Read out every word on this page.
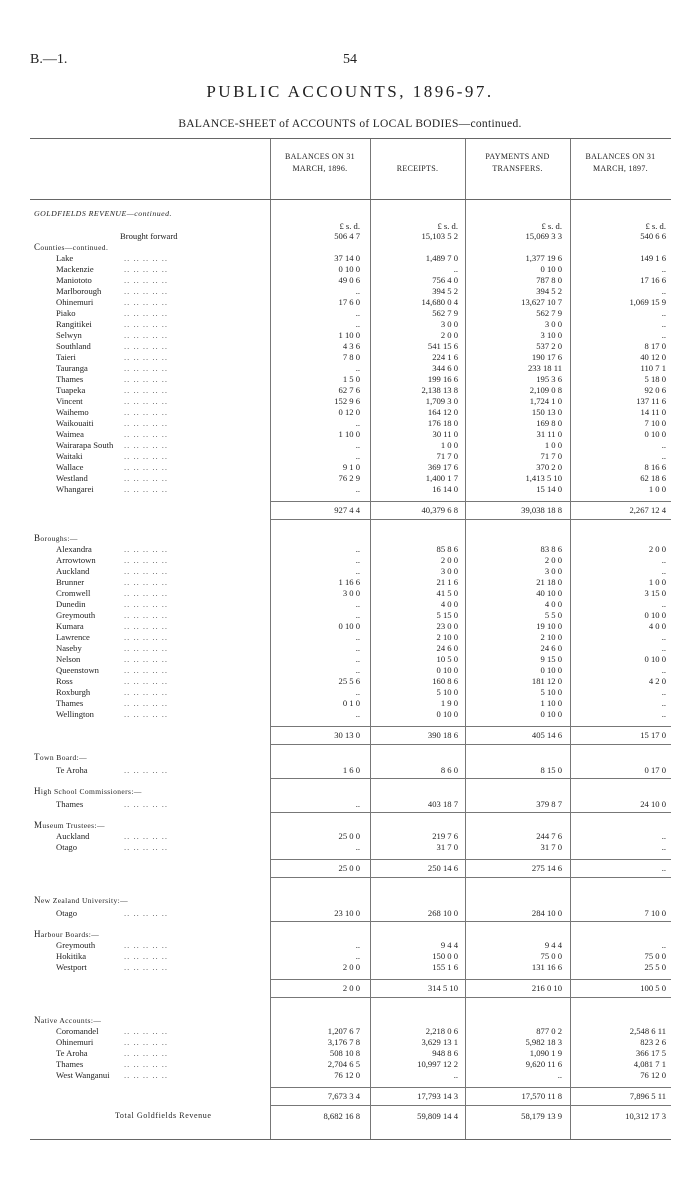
B.—1.	54
PUBLIC ACCOUNTS, 1896-97.
BALANCE-SHEET of ACCOUNTS of LOCAL BODIES—continued.
BALANCES ON 31 MARCH, 1896.	RECEIPTS.
PAYMENTS AND TRANSFERS.
BALANCES ON 31 MARCH, 1897.
GOLDFIELDS REVENUE—continued.
£ s. d.	£ s. d.	£ s. d.	£ s. d.
Brought forward	506 4 7	15,103 5 2	15,069 3 3	540 6 6
Counties—continued.
Lake	.. .. .. .. ..	37 14 0	1,489 7 0	1,377 19 6	149 1 6
Mackenzie	.. .. .. .. ..	0 10 0	..	0 10 0	..
Maniototo	.. .. .. .. ..	49 0 6	756 4 0	787 8 0	17 16 6
Marlborough	.. .. .. .. ..	..	394 5 2	394 5 2	..
Ohinemuri	.. .. .. .. ..	17 6 0	14,680 0 4	13,627 10 7	1,069 15 9
Piako	.. .. .. .. ..	..	562 7 9	562 7 9	..
Rangitikei	.. .. .. .. ..	..	3 0 0	3 0 0	..
Selwyn	.. .. .. .. ..	1 10 0	2 0 0	3 10 0	..
Southland	.. .. .. .. ..	4 3 6	541 15 6	537 2 0	8 17 0
Taieri	.. .. .. .. ..	7 8 0	224 1 6	190 17 6	40 12 0
Tauranga	.. .. .. .. ..	..	344 6 0	233 18 11	110 7 1
Thames	.. .. .. .. ..	1 5 0	199 16 6	195 3 6	5 18 0
Tuapeka	.. .. .. .. ..	62 7 6	2,138 13 8	2,109 0 8	92 0 6
Vincent	.. .. .. .. ..	152 9 6	1,709 3 0	1,724 1 0	137 11 6
Waihemo	.. .. .. .. ..	0 12 0	164 12 0	150 13 0	14 11 0
Waikouaiti	.. .. .. .. ..	..	176 18 0	169 8 0	7 10 0
Waimea	.. .. .. .. ..	1 10 0	30 11 0	31 11 0	0 10 0
Wairarapa South .. .. .. .. ..	..	1 0 0	1 0 0	..
Waitaki	.. .. .. .. ..	..	71 7 0	71 7 0	..
Wallace	.. .. .. .. ..	9 1 0	369 17 6	370 2 0	8 16 6
Westland	.. .. .. .. ..	76 2 9	1,400 1 7	1,413 5 10	62 18 6
Whangarei	.. .. .. .. ..	..	16 14 0	15 14 0	1 0 0
927 4 4	40,379 6 8	39,038 18 8	2,267 12 4
Boroughs:—
Alexandra	.. .. .. .. ..	..	85 8 6	83 8 6	2 0 0
Arrowtown	.. .. .. .. ..	..	2 0 0	2 0 0	..
Auckland	.. .. .. .. ..	..	3 0 0	3 0 0	..
Brunner	.. .. .. .. ..	1 16 6	21 1 6	21 18 0	1 0 0
Cromwell	.. .. .. .. ..	3 0 0	41 5 0	40 10 0	3 15 0
Dunedin	.. .. .. .. ..	..	4 0 0	4 0 0	..
Greymouth	.. .. .. .. ..	..	5 15 0	5 5 0	0 10 0
Kumara	.. .. .. .. ..	0 10 0	23 0 0	19 10 0	4 0 0
Lawrence	.. .. .. .. ..	..	2 10 0	2 10 0	..
Naseby	.. .. .. .. ..	..	24 6 0	24 6 0	..
Nelson	.. .. .. .. ..	..	10 5 0	9 15 0	0 10 0
Queenstown	.. .. .. .. ..	..	0 10 0	0 10 0	..
Ross	.. .. .. .. ..	25 5 6	160 8 6	181 12 0	4 2 0
Roxburgh	.. .. .. .. ..	..	5 10 0	5 10 0	..
Thames	.. .. .. .. ..	0 1 0	1 9 0	1 10 0	..
Wellington	.. .. .. .. ..	..	0 10 0	0 10 0	..
30 13 0	390 18 6	405 14 6	15 17 0
Town Board:—
Te Aroha	.. .. .. .. ..	1 6 0	8 6 0	8 15 0	0 17 0
High School Commissioners:—
Thames	.. .. .. .. ..	..	403 18 7	379 8 7	24 10 0
Museum Trustees:—
Auckland	.. .. .. .. ..	25 0 0	219 7 6	244 7 6	..
Otago	.. .. .. .. ..	..	31 7 0	31 7 0	..
25 0 0	250 14 6	275 14 6	..
New Zealand University:—
Otago	.. .. .. .. ..	23 10 0	268 10 0	284 10 0	7 10 0
Harbour Boards:—
Greymouth	.. .. .. .. ..	..	9 4 4	9 4 4	..
Hokitika	.. .. .. .. ..	..	150 0 0	75 0 0	75 0 0
Westport	.. .. .. .. ..	2 0 0	155 1 6	131 16 6	25 5 0
2 0 0	314 5 10	216 0 10	100 5 0
Native Accounts:—
Coromandel	.. .. .. .. ..	1,207 6 7	2,218 0 6	877 0 2	2,548 6 11
Ohinemuri	.. .. .. .. ..	3,176 7 8	3,629 13 1	5,982 18 3	823 2 6
Te Aroha	.. .. .. .. ..	508 10 8	948 8 6	1,090 1 9	366 17 5
Thames	.. .. .. .. ..	2,704 6 5	10,997 12 2	9,620 11 6	4,081 7 1
West Wanganui .. .. .. .. ..	76 12 0	..	..	76 12 0
7,673 3 4	17,793 14 3	17,570 11 8	7,896 5 11
Total Goldfields Revenue	8,682 16 8	59,809 14 4	58,179 13 9	10,312 17 3
